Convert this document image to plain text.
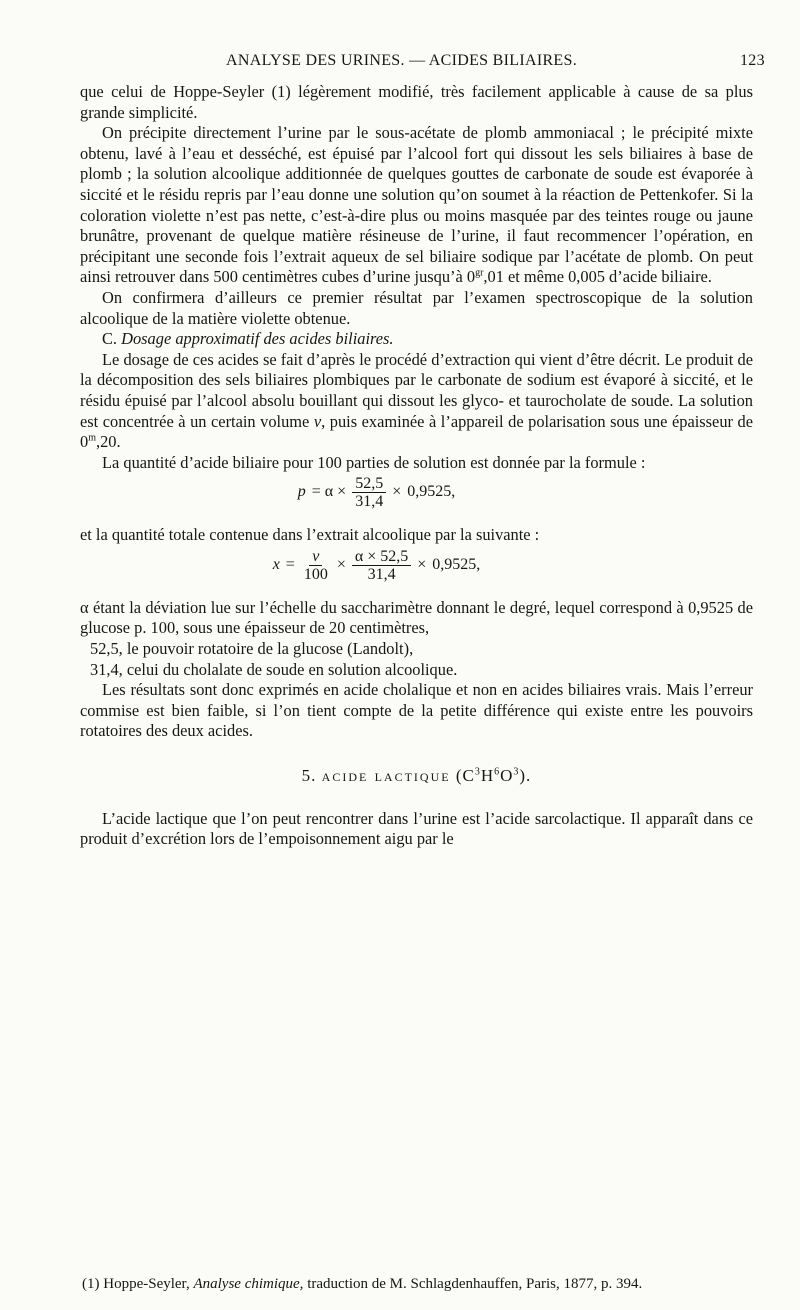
ANALYSE DES URINES. — ACIDES BILIAIRES.	123

que celui de Hoppe-Seyler (1) légèrement modifié, très facilement applicable à cause de sa plus grande simplicité.

On précipite directement l’urine par le sous-acétate de plomb ammoniacal ; le précipité mixte obtenu, lavé à l’eau et desséché, est épuisé par l’alcool fort qui dissout les sels biliaires à base de plomb ; la solution alcoolique additionnée de quelques gouttes de carbonate de soude est évaporée à siccité et le résidu repris par l’eau donne une solution qu’on soumet à la réaction de Pettenkofer. Si la coloration violette n’est pas nette, c’est-à-dire plus ou moins masquée par des teintes rouge ou jaune brunâtre, provenant de quelque matière résineuse de l’urine, il faut recommencer l’opération, en précipitant une seconde fois l’extrait aqueux de sel biliaire sodique par l’acétate de plomb. On peut ainsi retrouver dans 500 centimètres cubes d’urine jusqu’à $0^{gr},01$ et même 0,005 d’acide biliaire.

On confirmera d’ailleurs ce premier résultat par l’examen spectroscopique de la solution alcoolique de la matière violette obtenue.

C. Dosage approximatif des acides biliaires.

Le dosage de ces acides se fait d’après le procédé d’extraction qui vient d’être décrit. Le produit de la décomposition des sels biliaires plombiques par le carbonate de sodium est évaporé à siccité, et le résidu épuisé par l’alcool absolu bouillant qui dissout les glyco- et taurocholate de soude. La solution est concentrée à un certain volume v, puis examinée à l’appareil de polarisation sous une épaisseur de 0$^m$,20.

La quantité d’acide biliaire pour 100 parties de solution est donnée par la formule :

$p = \alpha \times \frac{52,5}{31,4} \times 0,9525$,

et la quantité totale contenue dans l’extrait alcoolique par la suivante :

$x = \frac{v}{100} \times \frac{\alpha \times 52,5}{31,4} \times 0,9525$,

α étant la déviation lue sur l’échelle du saccharimètre donnant le degré, lequel correspond à 0,9525 de glucose p. 100, sous une épaisseur de 20 centimètres,

52,5, le pouvoir rotatoire de la glucose (Landolt),

31,4, celui du cholalate de soude en solution alcoolique.

Les résultats sont donc exprimés en acide cholalique et non en acides biliaires vrais. Mais l’erreur commise est bien faible, si l’on tient compte de la petite différence qui existe entre les pouvoirs rotatoires des deux acides.

5. acide lactique $(C^3H^6O^3)$.

L’acide lactique que l’on peut rencontrer dans l’urine est l’acide sarcolactique. Il apparaît dans ce produit d’excrétion lors de l’empoisonnement aigu par le

(1) Hoppe-Seyler, Analyse chimique, traduction de M. Schlagdenhauffen, Paris, 1877, p. 394.
